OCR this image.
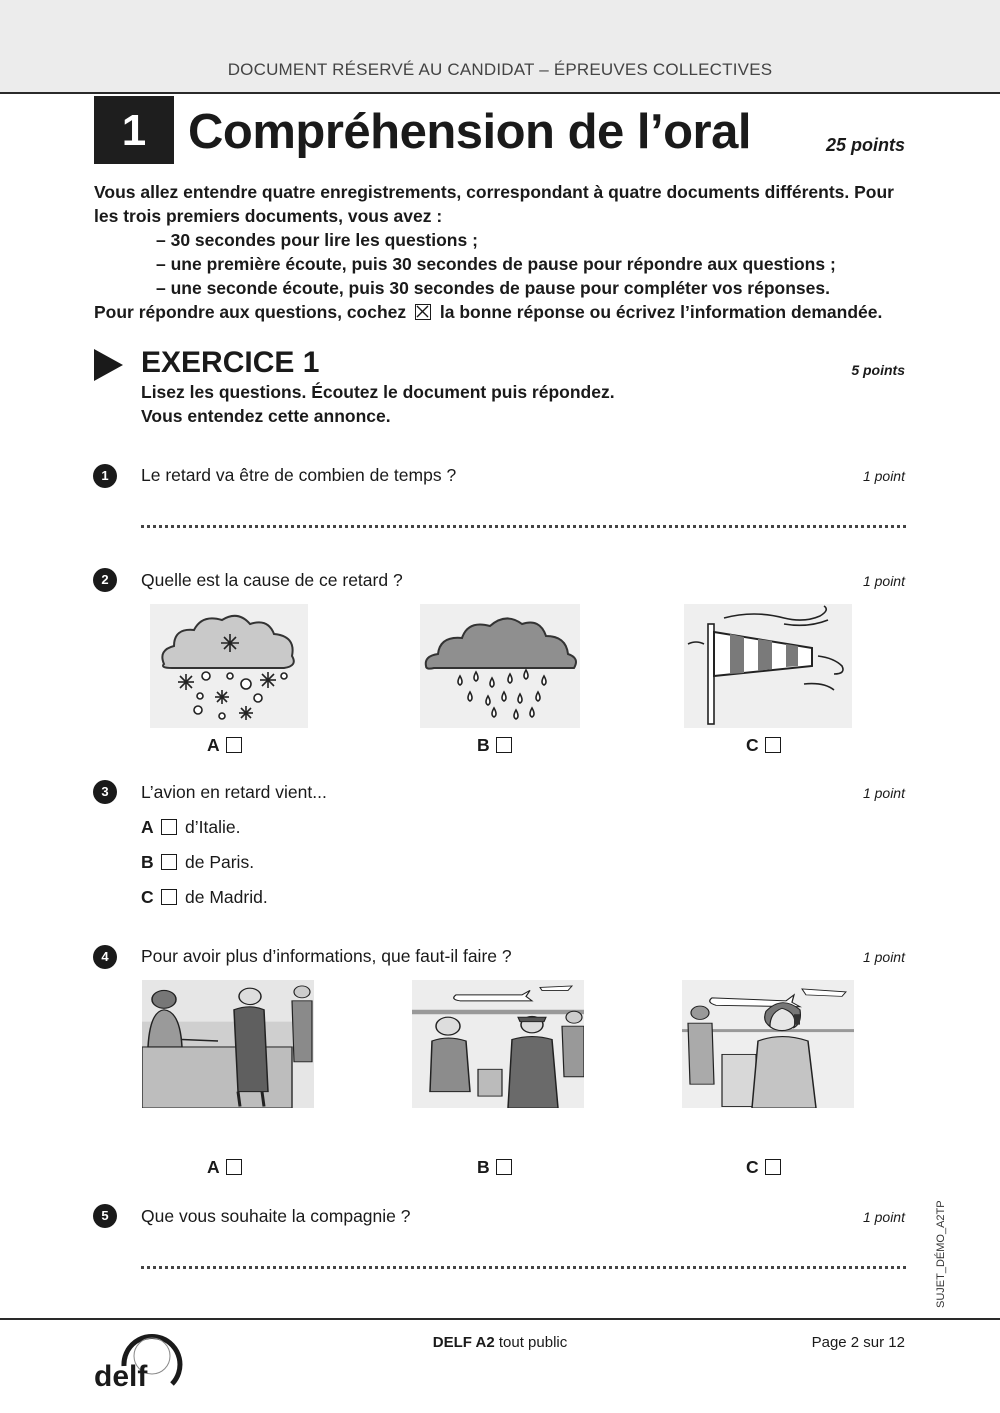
DOCUMENT RÉSERVÉ AU CANDIDAT – ÉPREUVES COLLECTIVES
1 Compréhension de l’oral	25 points
Vous allez entendre quatre enregistrements, correspondant à quatre documents différents. Pour les trois premiers documents, vous avez :
– 30 secondes pour lire les questions ;
– une première écoute, puis 30 secondes de pause pour répondre aux questions ;
– une seconde écoute, puis 30 secondes de pause pour compléter vos réponses.
Pour répondre aux questions, cochez la bonne réponse ou écrivez l’information demandée.
EXERCICE 1	5 points
Lisez les questions. Écoutez le document puis répondez.
Vous entendez cette annonce.
1	Le retard va être de combien de temps ?	1 point
2	Quelle est la cause de ce retard ?	1 point
A	B	C
3	L’avion en retard vient...	1 point
A d’Italie.
B de Paris.
C de Madrid.
4	Pour avoir plus d’informations, que faut-il faire ?	1 point
A	B	C
5	Que vous souhaite la compagnie ?	1 point	SUJET_DÉMO_A2TP
delf
DELF A2 tout public	Page 2 sur 12
